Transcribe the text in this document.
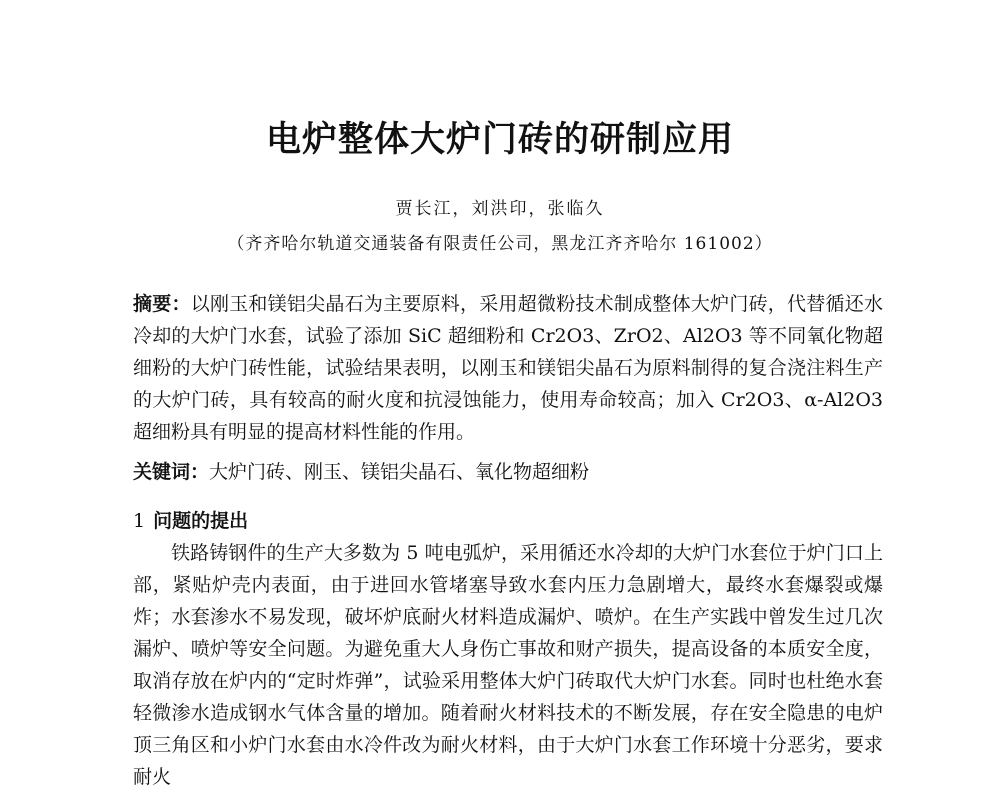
电炉整体大炉门砖的研制应用

贾长江，刘洪印，张临久

（齐齐哈尔轨道交通装备有限责任公司，黑龙江齐齐哈尔 161002）

摘要：以刚玉和镁铝尖晶石为主要原料，采用超微粉技术制成整体大炉门砖，代替循还水冷却的大炉门水套，试验了添加 SiC 超细粉和 Cr2O3、ZrO2、Al2O3 等不同氧化物超细粉的大炉门砖性能，试验结果表明，以刚玉和镁铝尖晶石为原料制得的复合浇注料生产的大炉门砖，具有较高的耐火度和抗浸蚀能力，使用寿命较高；加入 Cr2O3、α-Al2O3 超细粉具有明显的提高材料性能的作用。

关键词：大炉门砖、刚玉、镁铝尖晶石、氧化物超细粉

1 问题的提出

铁路铸钢件的生产大多数为 5 吨电弧炉，采用循还水冷却的大炉门水套位于炉门口上部，紧贴炉壳内表面，由于进回水管堵塞导致水套内压力急剧增大，最终水套爆裂或爆炸；水套渗水不易发现，破坏炉底耐火材料造成漏炉、喷炉。在生产实践中曾发生过几次漏炉、喷炉等安全问题。为避免重大人身伤亡事故和财产损失，提高设备的本质安全度，取消存放在炉内的“定时炸弹”，试验采用整体大炉门砖取代大炉门水套。同时也杜绝水套轻微渗水造成钢水气体含量的增加。随着耐火材料技术的不断发展，存在安全隐患的电炉顶三角区和小炉门水套由水冷件改为耐火材料，由于大炉门水套工作环境十分恶劣，要求耐火
